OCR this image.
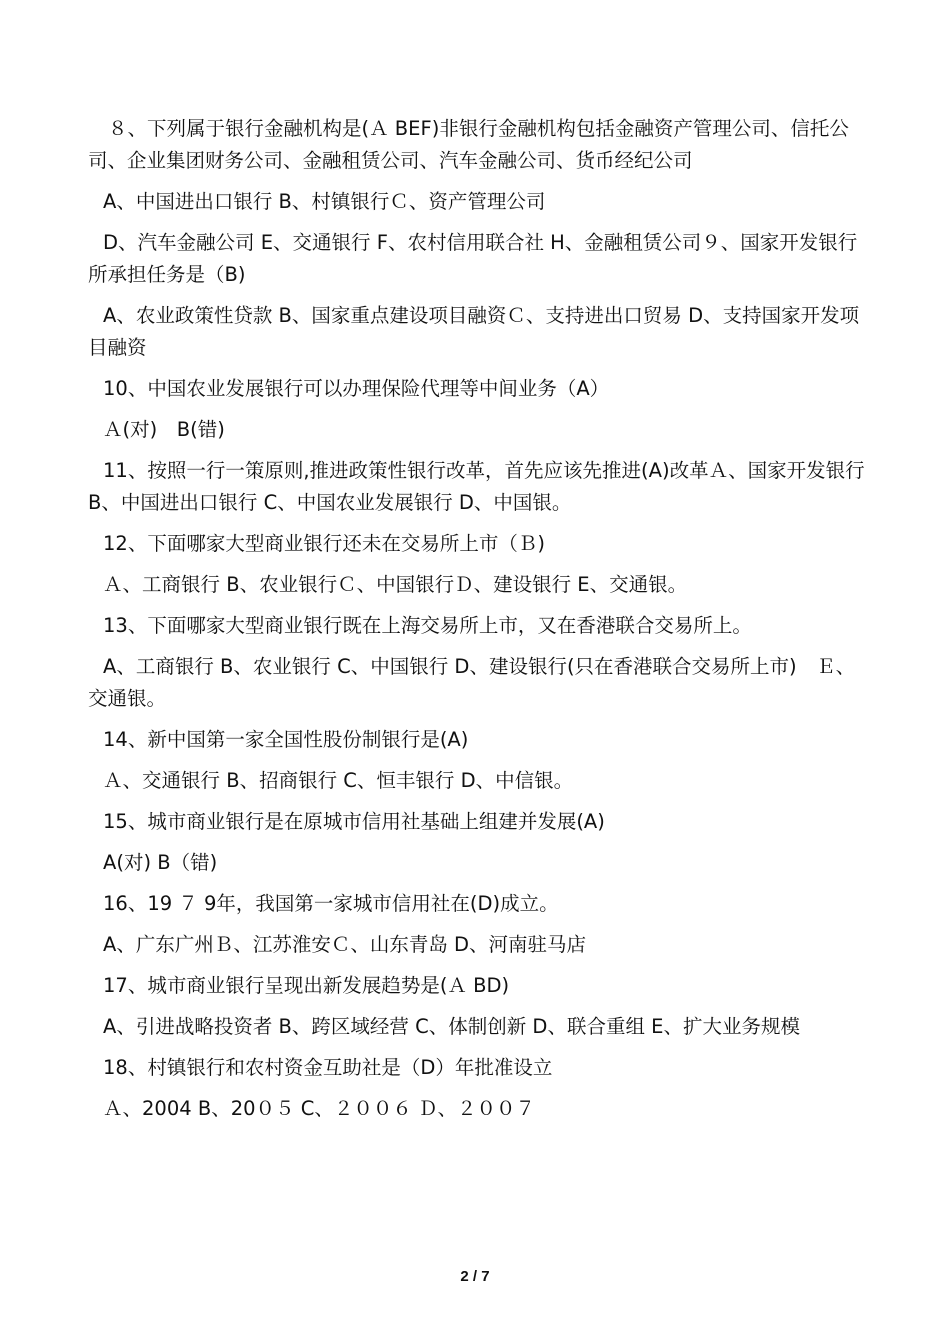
８、下列属于银行金融机构是(Ａ BEF)非银行金融机构包括金融资产管理公司、信托公司、企业集团财务公司、金融租赁公司、汽车金融公司、货币经纪公司

A、中国进出口银行 B、村镇银行Ｃ、资产管理公司

D、汽车金融公司 E、交通银行 F、农村信用联合社 H、金融租赁公司９、国家开发银行所承担任务是（B)

A、农业政策性贷款 B、国家重点建设项目融资Ｃ、支持进出口贸易 D、支持国家开发项目融资

10、中国农业发展银行可以办理保险代理等中间业务（A）

Ａ(对)　B(错)

11、按照一行一策原则,推进政策性银行改革，首先应该先推进(A)改革Ａ、国家开发银行 B、中国进出口银行 C、中国农业发展银行 D、中国银。

12、下面哪家大型商业银行还未在交易所上市（Ｂ)

Ａ、工商银行 B、农业银行Ｃ、中国银行Ｄ、建设银行 E、交通银。

13、下面哪家大型商业银行既在上海交易所上市，又在香港联合交易所上。

A、工商银行 B、农业银行 C、中国银行 D、建设银行(只在香港联合交易所上市)　Ｅ、交通银。

14、新中国第一家全国性股份制银行是(A)

Ａ、交通银行 B、招商银行 C、恒丰银行 D、中信银。

15、城市商业银行是在原城市信用社基础上组建并发展(A)

A(对) B（错)

16、19 ７ 9年，我国第一家城市信用社在(D)成立。

A、广东广州Ｂ、江苏淮安Ｃ、山东青岛 D、河南驻马店

17、城市商业银行呈现出新发展趋势是(Ａ BD)

A、引进战略投资者 B、跨区域经营 C、体制创新 D、联合重组 E、扩大业务规模

18、村镇银行和农村资金互助社是（D）年批准设立

Ａ、2004 B、20０５ C、２００６ Ｄ、２００７

2 / 7
